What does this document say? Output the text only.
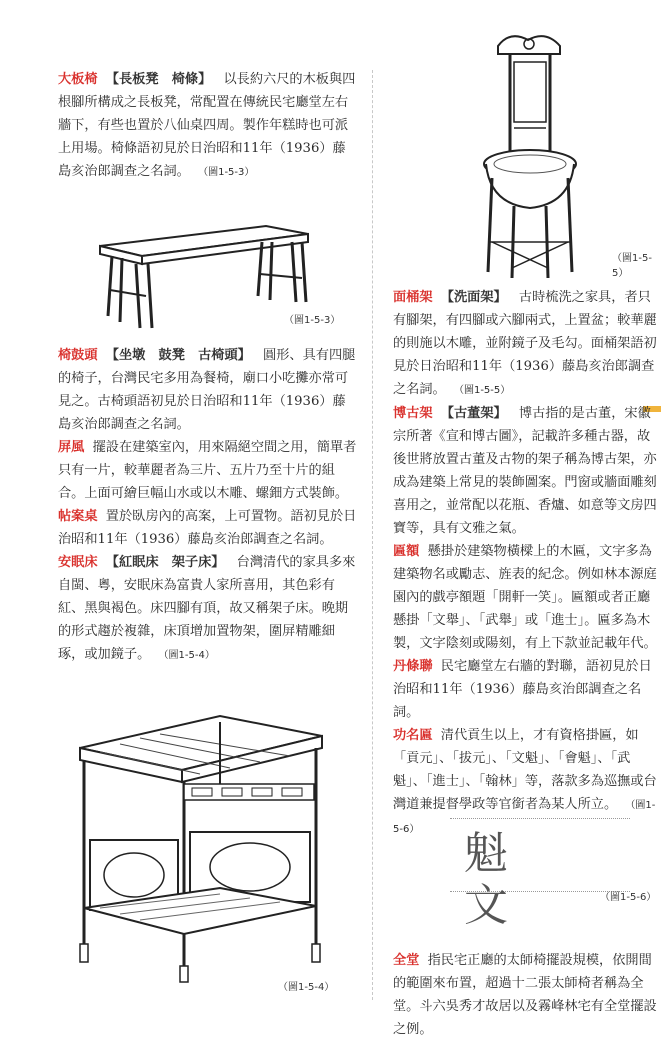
大板椅 【長板凳　椅條】 以長約六尺的木板與四根腳所構成之長板凳，常配置在傳統民宅廳堂左右牆下，有些也置於八仙桌四周。製作年糕時也可派上用場。椅條語初見於日治昭和11年（1936）藤島亥治郎調查之名詞。 （圖1-5-3）

椅鼓頭 【坐墩　鼓凳　古椅頭】 圓形、具有四腿的椅子，台灣民宅多用為餐椅，廟口小吃攤亦常可見之。古椅頭語初見於日治昭和11年（1936）藤島亥治郎調查之名詞。

屏風 擺設在建築室內，用來隔絕空間之用，簡單者只有一片，較華麗者為三片、五片乃至十片的組合。上面可繪巨幅山水或以木雕、螺鈿方式裝飾。

帖案桌 置於臥房內的高案，上可置物。語初見於日治昭和11年（1936）藤島亥治郎調查之名詞。

安眠床 【紅眠床　架子床】 台灣清代的家具多來自閩、粵，安眠床為富貴人家所喜用，其色彩有紅、黑與褐色。床四腳有頂，故又稱架子床。晚期的形式趨於複雜，床頂增加置物架，圍屏精雕細琢，或加鏡子。 （圖1-5-4）

（圖1-5-3）
（圖1-5-4）
（圖1-5-5）

面桶架 【洗面架】 古時梳洗之家具，者只有腳架，有四腳或六腳兩式，上置盆；較華麗的則施以木雕，並附鏡子及毛勾。面桶架語初見於日治昭和11年（1936）藤島亥治郎調查之名詞。 （圖1-5-5）

博古架 【古董架】 博古指的是古董，宋徽宗所著《宣和博古圖》，記載許多種古器，故後世將放置古董及古物的架子稱為博古架，亦成為建築上常見的裝飾圖案。門窗或牆面雕刻喜用之，並常配以花瓶、香爐、如意等文房四寶等，具有文雅之氣。

匾額 懸掛於建築物橫樑上的木匾，文字多為建築物名或勵志、旌表的紀念。例如林本源庭園內的戲亭額題「開軒一笑」。匾額或者正廳懸掛「文舉」、「武舉」或「進士」。匾多為木製，文字陰刻或陽刻，有上下款並記載年代。

丹條聯 民宅廳堂左右牆的對聯，語初見於日治昭和11年（1936）藤島亥治郎調查之名詞。

功名匾 清代貢生以上，才有資格掛匾，如「貢元」、「拔元」、「文魁」、「會魁」、「武魁」、「進士」、「翰林」等，落款多為巡撫或台灣道兼提督學政等官銜者為某人所立。 （圖1-5-6）

全堂 指民宅正廳的太師椅擺設規模，依開間的範圍來布置，超過十二張太師椅者稱為全堂。斗六吳秀才故居以及霧峰林宅有全堂擺設之例。

魁　文	（圖1-5-6）
